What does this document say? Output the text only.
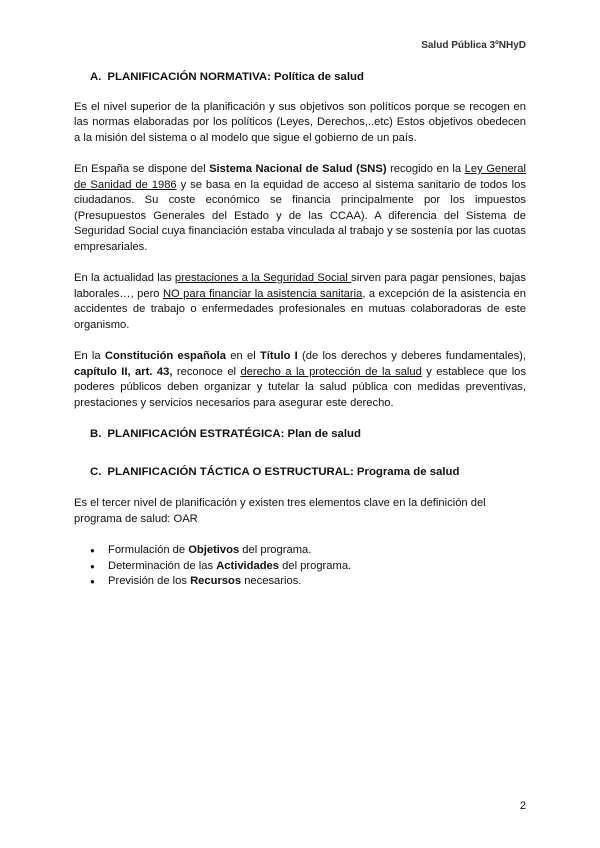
Salud Pública 3ºNHyD
A. PLANIFICACIÓN NORMATIVA: Política de salud

Es el nivel superior de la planificación y sus objetivos son políticos porque se recogen en las normas elaboradas por los políticos (Leyes, Derechos,..etc) Estos objetivos obedecen a la misión del sistema o al modelo que sigue el gobierno de un país.

En España se dispone del Sistema Nacional de Salud (SNS) recogido en la Ley General de Sanidad de 1986 y se basa en la equidad de acceso al sistema sanitario de todos los ciudadanos. Su coste económico se financia principalmente por los impuestos (Presupuestos Generales del Estado y de las CCAA). A diferencia del Sistema de Seguridad Social cuya financiación estaba vinculada al trabajo y se sostenía por las cuotas empresariales.

En la actualidad las prestaciones a la Seguridad Social sirven para pagar pensiones, bajas laborales…, pero NO para financiar la asistencia sanitaria, a excepción de la asistencia en accidentes de trabajo o enfermedades profesionales en mutuas colaboradoras de este organismo.

En la Constitución española en el Título I (de los derechos y deberes fundamentales), capítulo II, art. 43, reconoce el derecho a la protección de la salud y establece que los poderes públicos deben organizar y tutelar la salud pública con medidas preventivas, prestaciones y servicios necesarios para asegurar este derecho.

B. PLANIFICACIÓN ESTRATÉGICA: Plan de salud
C. PLANIFICACIÓN TÁCTICA O ESTRUCTURAL: Programa de salud

Es el tercer nivel de planificación y existen tres elementos clave en la definición del programa de salud: OAR

● Formulación de Objetivos del programa.
● Determinación de las Actividades del programa.
● Previsión de los Recursos necesarios.
2
